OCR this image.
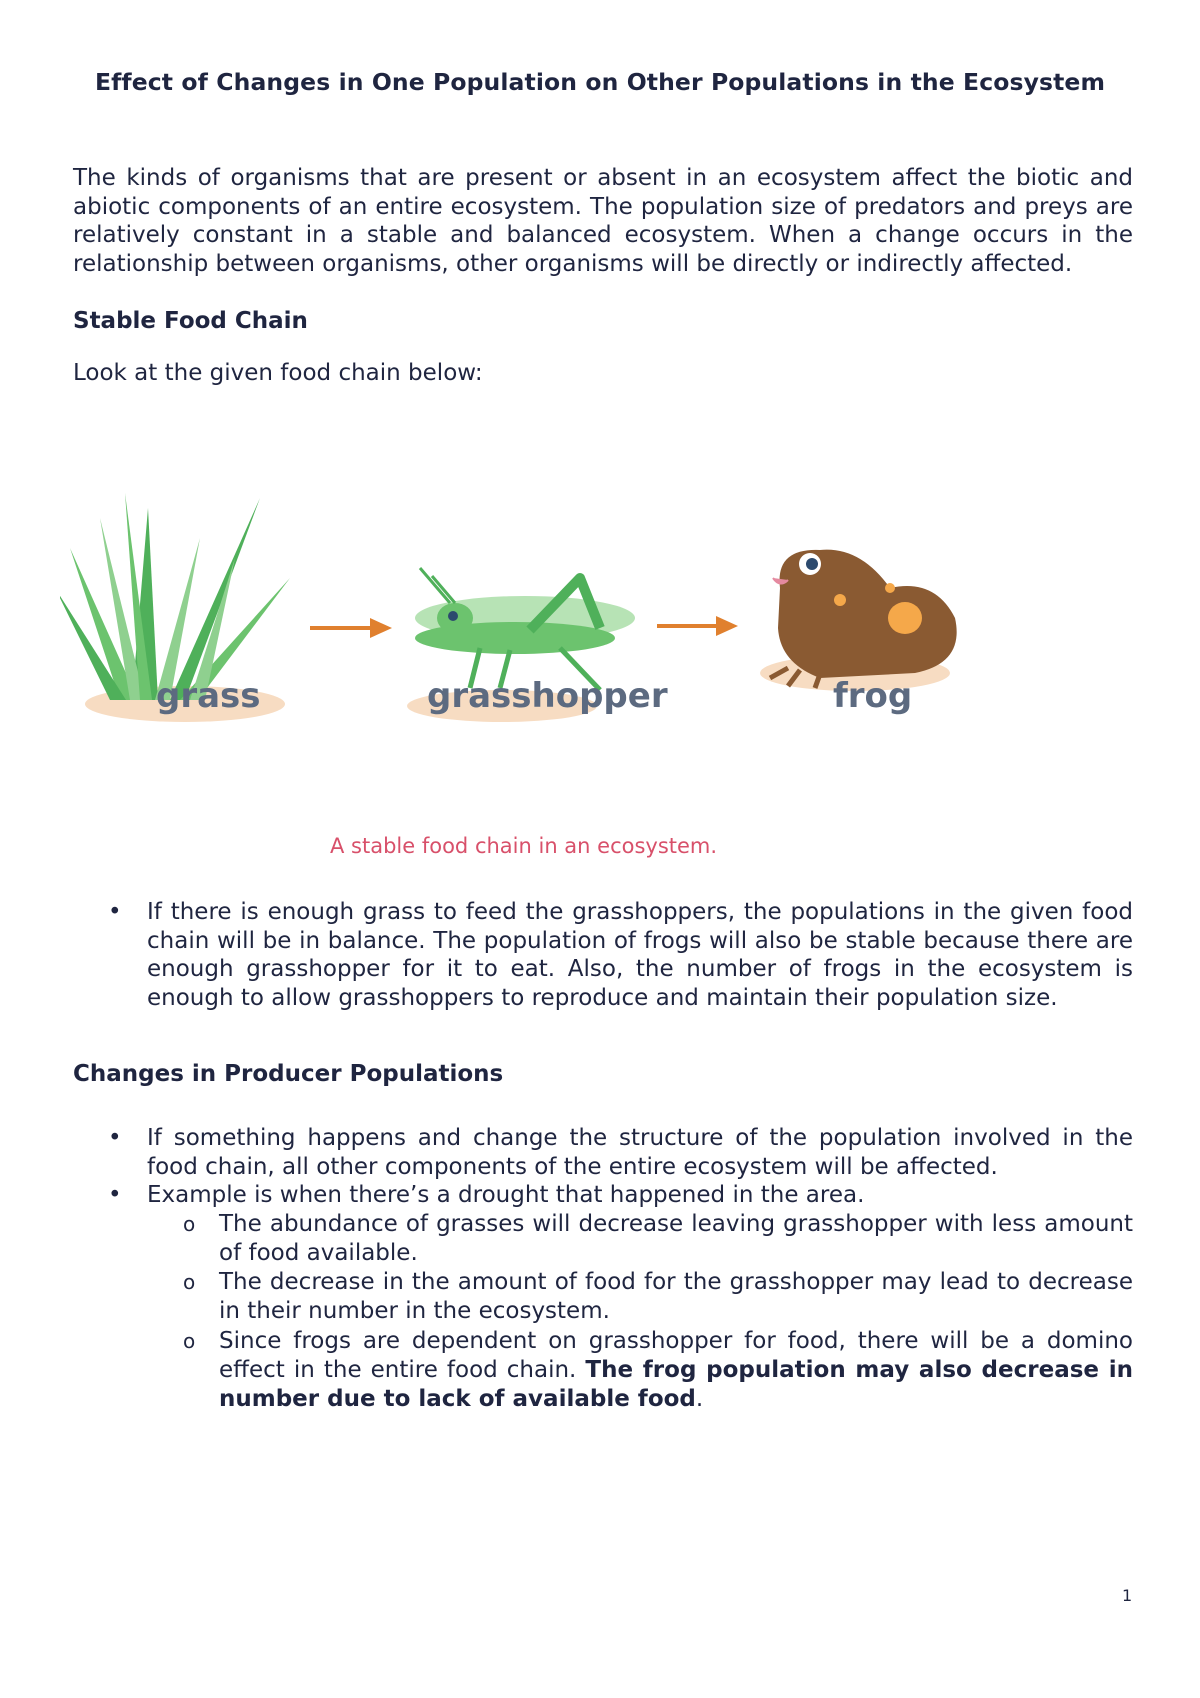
Effect of Changes in One Population on Other Populations in the Ecosystem

The kinds of organisms that are present or absent in an ecosystem affect the biotic and abiotic components of an entire ecosystem. The population size of predators and preys are relatively constant in a stable and balanced ecosystem. When a change occurs in the relationship between organisms, other organisms will be directly or indirectly affected.

Stable Food Chain
Look at the given food chain below:
grass	grasshopper	frog
A stable food chain in an ecosystem.
• If there is enough grass to feed the grasshoppers, the populations in the given food chain will be in balance. The population of frogs will also be stable because there are enough grasshopper for it to eat. Also, the number of frogs in the ecosystem is enough to allow grasshoppers to reproduce and maintain their population size.
Changes in Producer Populations
• If something happens and change the structure of the population involved in the food chain, all other components of the entire ecosystem will be affected.
• Example is when there’s a drought that happened in the area.
o The abundance of grasses will decrease leaving grasshopper with less amount of food available.
o The decrease in the amount of food for the grasshopper may lead to decrease in their number in the ecosystem.
o Since frogs are dependent on grasshopper for food, there will be a domino effect in the entire food chain. The frog population may also decrease in number due to lack of available food.
1
